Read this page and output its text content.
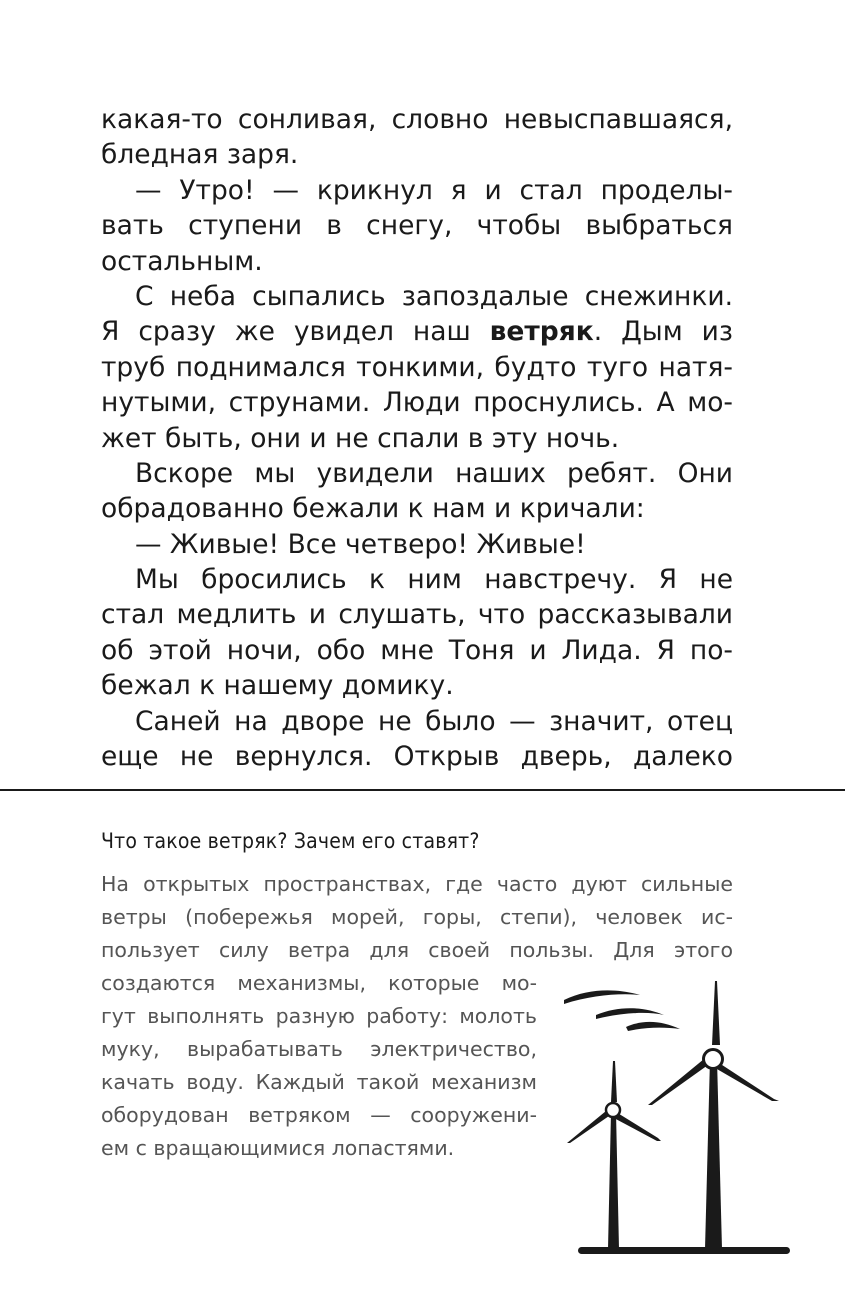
какая-то сонливая, словно невыспавшаяся,
бледная заря.
— Утро! — крикнул я и стал проделы-
вать ступени в снегу, чтобы выбраться
остальным.
С неба сыпались запоздалые снежинки.
Я сразу же увидел наш ветряк. Дым из
труб поднимался тонкими, будто туго натя-
нутыми, струнами. Люди проснулись. А мо-
жет быть, они и не спали в эту ночь.
Вскоре мы увидели наших ребят. Они
обрадованно бежали к нам и кричали:
— Живые! Все четверо! Живые!
Мы бросились к ним навстречу. Я не
стал медлить и слушать, что рассказывали
об этой ночи, обо мне Тоня и Лида. Я по-
бежал к нашему домику.
Саней на дворе не было — значит, отец
еще не вернулся. Открыв дверь, далеко
Что такое ветряк? Зачем его ставят?
На открытых пространствах, где часто дуют сильные
ветры (побережья морей, горы, степи), человек ис-
пользует силу ветра для своей пользы. Для этого
создаются механизмы, которые мо-
гут выполнять разную работу: молоть
муку, вырабатывать электричество,
качать воду. Каждый такой механизм
оборудован ветряком — сооружени-
ем с вращающимися лопастями.
